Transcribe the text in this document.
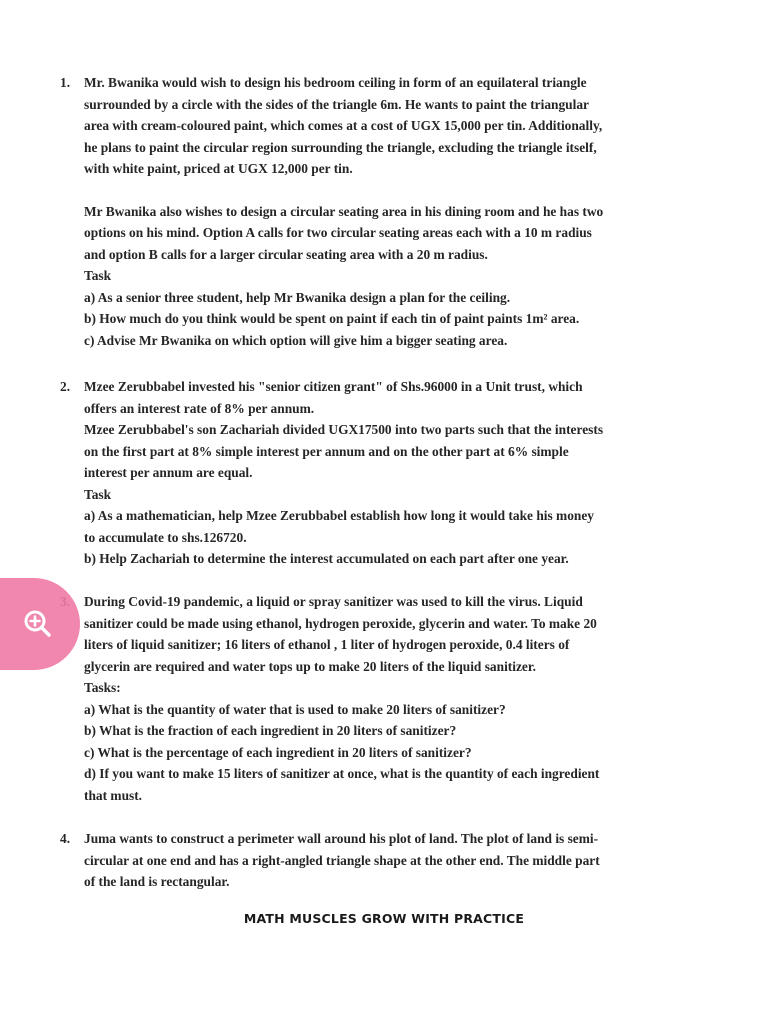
1.	Mr. Bwanika would wish to design his bedroom ceiling in form of an equilateral triangle
surrounded by a circle with the sides of the triangle 6m. He wants to paint the triangular
area with cream-coloured paint, which comes at a cost of UGX 15,000 per tin. Additionally,
he plans to paint the circular region surrounding the triangle, excluding the triangle itself,
with white paint, priced at UGX 12,000 per tin.
Mr Bwanika also wishes to design a circular seating area in his dining room and he has two
options on his mind. Option A calls for two circular seating areas each with a 10 m radius
and option B calls for a larger circular seating area with a 20 m radius.
Task
a) As a senior three student, help Mr Bwanika design a plan for the ceiling.
b) How much do you think would be spent on paint if each tin of paint paints 1m² area.
c) Advise Mr Bwanika on which option will give him a bigger seating area.
2.	Mzee Zerubbabel invested his "senior citizen grant" of Shs.96000 in a Unit trust, which
offers an interest rate of 8% per annum.
Mzee Zerubbabel's son Zachariah divided UGX17500 into two parts such that the interests
on the first part at 8% simple interest per annum and on the other part at 6% simple
interest per annum are equal.
Task
a) As a mathematician, help Mzee Zerubbabel establish how long it would take his money
to accumulate to shs.126720.
b) Help Zachariah to determine the interest accumulated on each part after one year.
During Covid-19 pandemic, a liquid or spray sanitizer was used to kill the virus. Liquid
sanitizer could be made using ethanol, hydrogen peroxide, glycerin and water. To make 20
liters of liquid sanitizer; 16 liters of ethanol , 1 liter of hydrogen peroxide, 0.4 liters of
glycerin are required and water tops up to make 20 liters of the liquid sanitizer.
Tasks:
a) What is the quantity of water that is used to make 20 liters of sanitizer?
b) What is the fraction of each ingredient in 20 liters of sanitizer?
c) What is the percentage of each ingredient in 20 liters of sanitizer?
d) If you want to make 15 liters of sanitizer at once, what is the quantity of each ingredient
that must.
4.	Juma wants to construct a perimeter wall around his plot of land. The plot of land is semi-
circular at one end and has a right-angled triangle shape at the other end. The middle part
of the land is rectangular.
MATH MUSCLES GROW WITH PRACTICE
